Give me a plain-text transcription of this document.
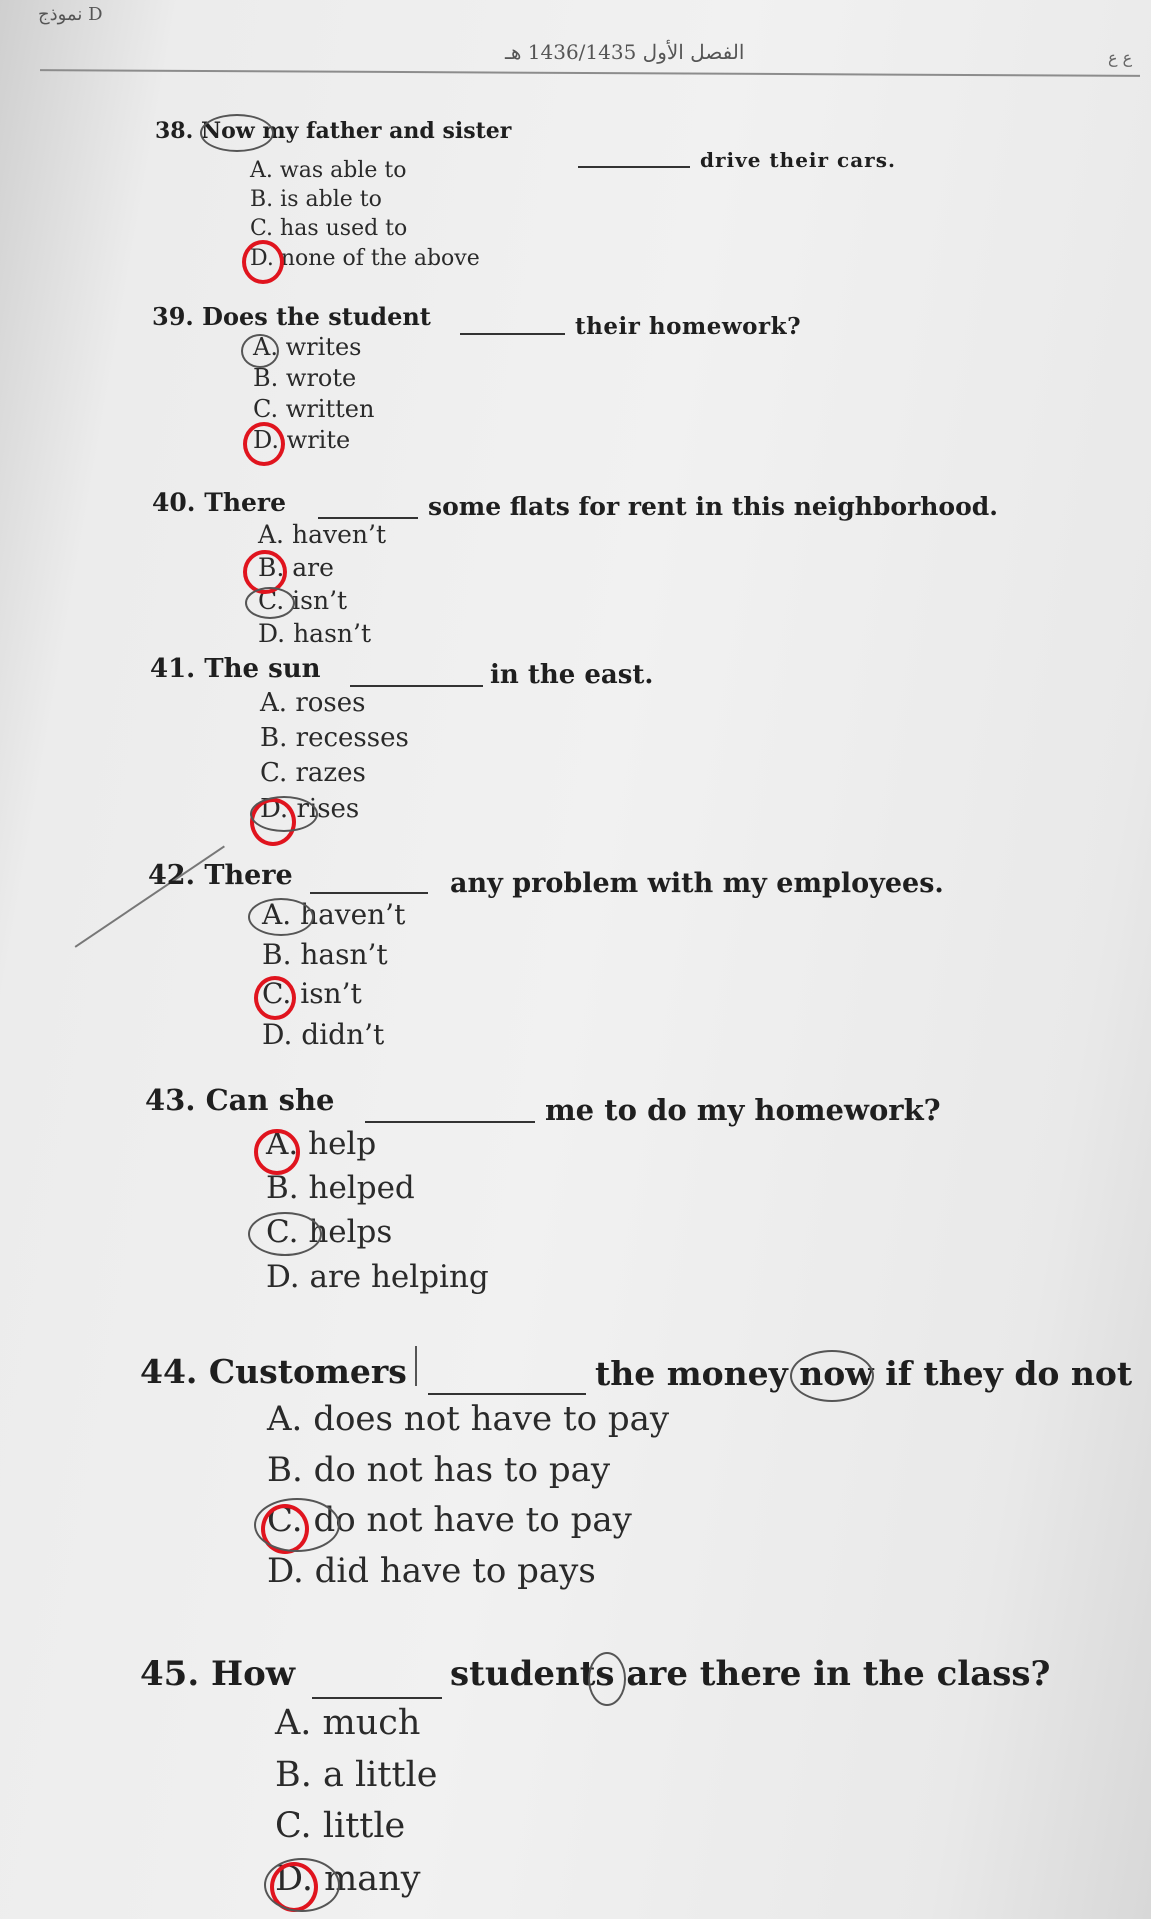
نموذج D
الفصل الأول 1436/1435 هـ	ع ع
38. Now my father and sister
drive their cars.
A. was able to
B. is able to
C. has used to
D. none of the above
39. Does the student	their homework?
A. writes
B. wrote
C. written
D. write
40. There	some flats for rent in this neighborhood.
A. haven’t
B. are
C. isn’t
D. hasn’t
41. The sun	in the east.
A. roses
B. recesses
C. razes
D. rises
42. There	any problem with my employees.
A. haven’t
B. hasn’t
C. isn’t
D. didn’t
43. Can she	me to do my homework?
A. help
B. helped
C. helps
D. are helping
44. Customers	the money now if they do not
A. does not have to pay
B. do not has to pay
C. do not have to pay
D. did have to pays
45. How	students are there in the class?
A. much
B. a little
C. little
D. many
